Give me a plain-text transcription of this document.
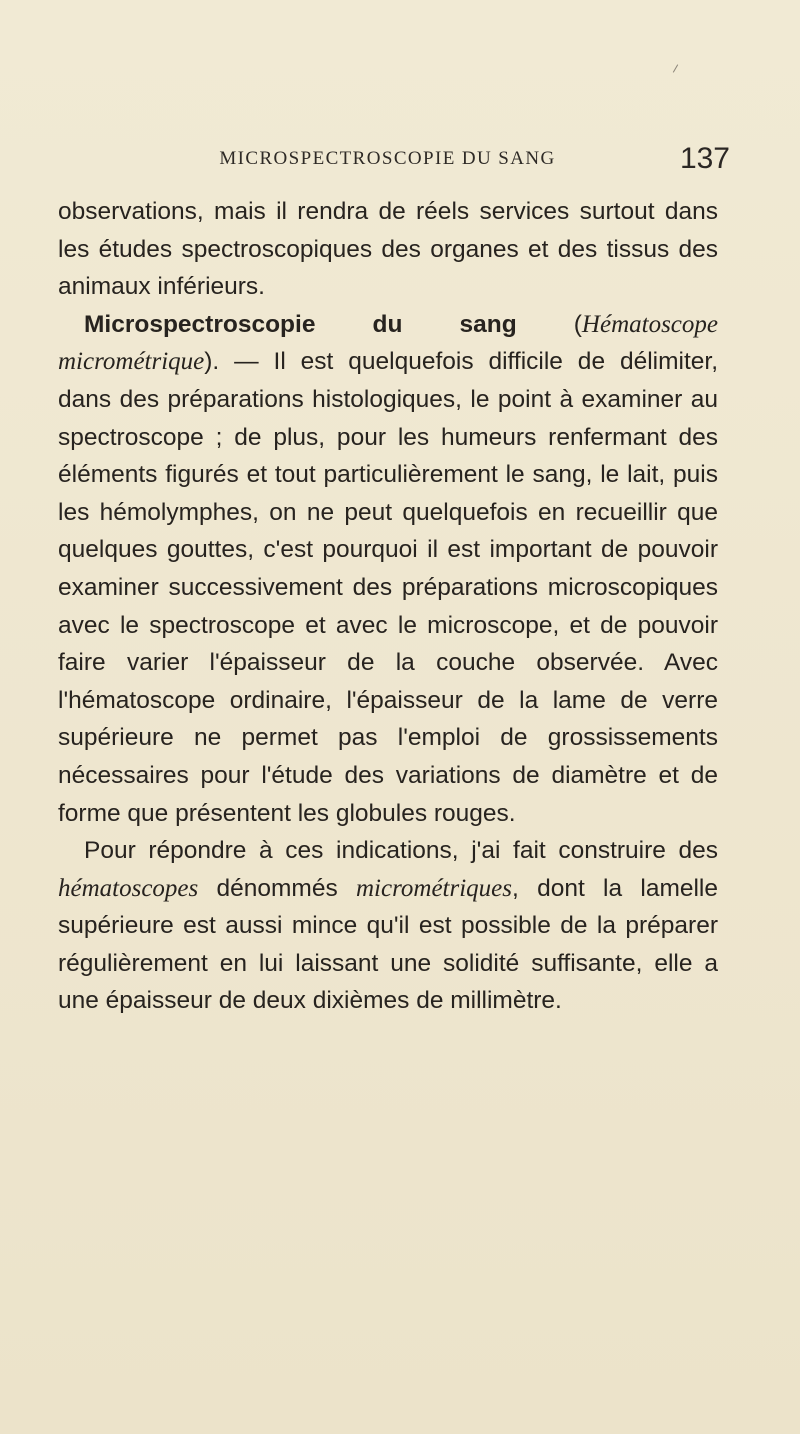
MICROSPECTROSCOPIE DU SANG	137

observations, mais il rendra de réels services surtout dans les études spectroscopiques des organes et des tissus des animaux inférieurs.

Microspectroscopie du sang (Hématoscope micrométrique). — Il est quelquefois difficile de délimiter, dans des préparations histologiques, le point à examiner au spectroscope ; de plus, pour les humeurs renfermant des éléments figurés et tout particulièrement le sang, le lait, puis les hémolymphes, on ne peut quelquefois en recueillir que quelques gouttes, c'est pourquoi il est important de pouvoir examiner successivement des préparations microscopiques avec le spectroscope et avec le microscope, et de pouvoir faire varier l'épaisseur de la couche observée. Avec l'hématoscope ordinaire, l'épaisseur de la lame de verre supérieure ne permet pas l'emploi de grossissements nécessaires pour l'étude des variations de diamètre et de forme que présentent les globules rouges.

Pour répondre à ces indications, j'ai fait construire des hématoscopes dénommés micrométriques, dont la lamelle supérieure est aussi mince qu'il est possible de la préparer régulièrement en lui laissant une solidité suffisante, elle a une épaisseur de deux dixièmes de millimètre.
